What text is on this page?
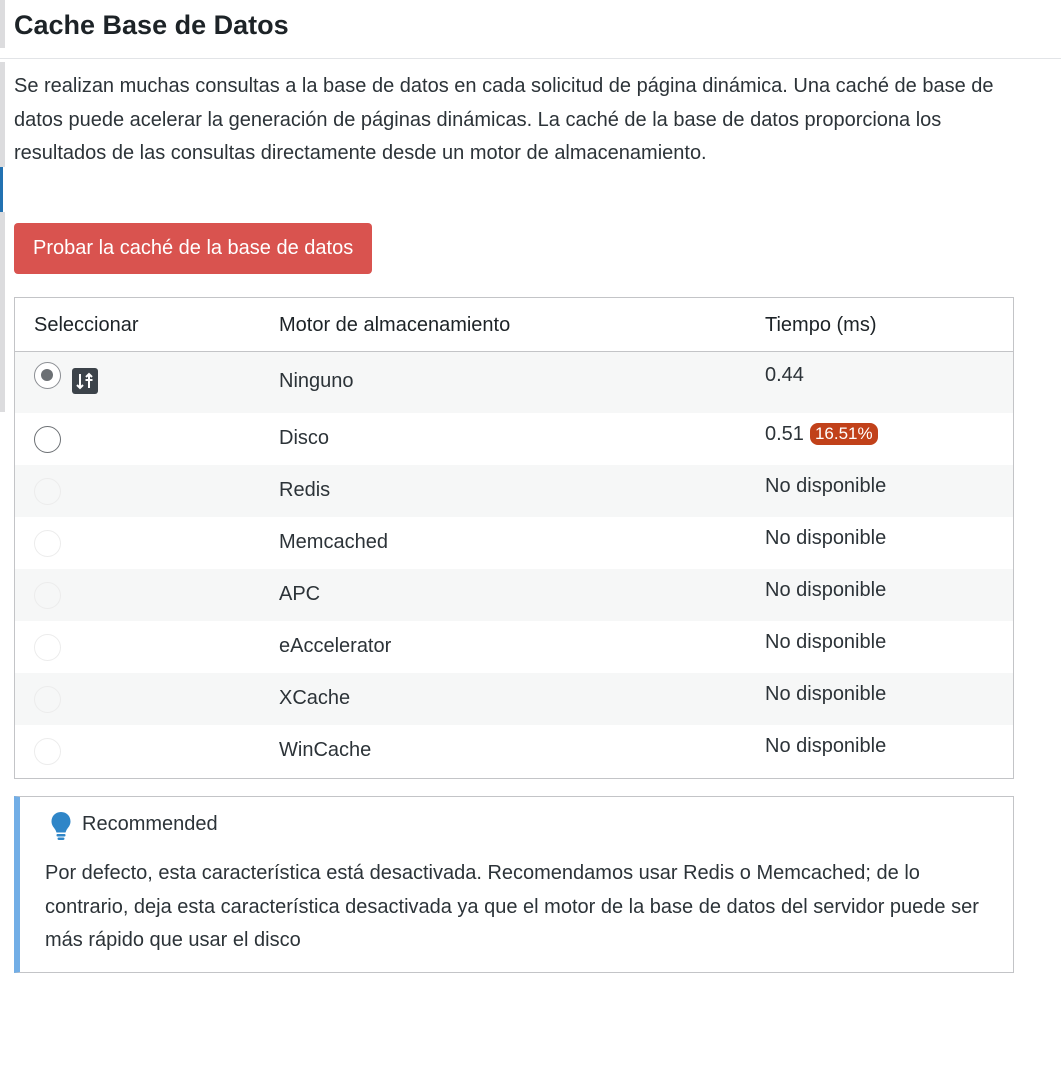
Cache Base de Datos

Se realizan muchas consultas a la base de datos en cada solicitud de página dinámica. Una caché de base de datos puede acelerar la generación de páginas dinámicas. La caché de la base de datos proporciona los resultados de las consultas directamente desde un motor de almacenamiento.

Probar la caché de la base de datos
Seleccionar	Motor de almacenamiento	Tiempo (ms)
Ninguno	0.44
Disco	0.51 16.51%
Redis	No disponible
Memcached	No disponible
APC	No disponible
eAccelerator	No disponible
XCache	No disponible
WinCache	No disponible
Recommended

Por defecto, esta característica está desactivada. Recomendamos usar Redis o Memcached; de lo contrario, deja esta característica desactivada ya que el motor de la base de datos del servidor puede ser más rápido que usar el disco
